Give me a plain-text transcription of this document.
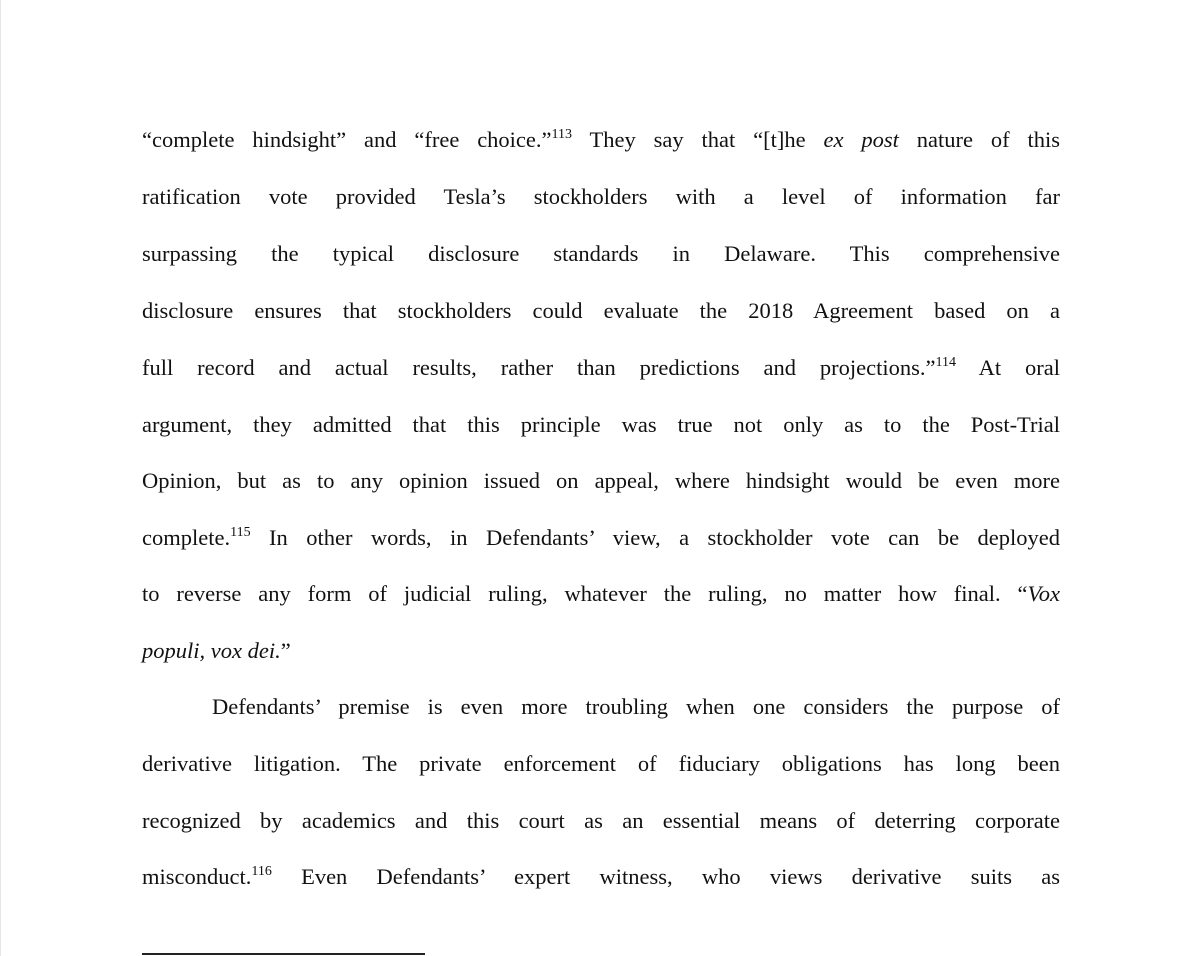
“complete hindsight” and “free choice.”$^{113}$ They say that “[t]he ex post nature of this
ratification vote provided Tesla’s stockholders with a level of information far
surpassing the typical disclosure standards in Delaware. This comprehensive
disclosure ensures that stockholders could evaluate the 2018 Agreement based on a
full record and actual results, rather than predictions and projections.”$^{114}$ At oral
argument, they admitted that this principle was true not only as to the Post-Trial
Opinion, but as to any opinion issued on appeal, where hindsight would be even more
complete.$^{115}$ In other words, in Defendants’ view, a stockholder vote can be deployed
to reverse any form of judicial ruling, whatever the ruling, no matter how final. “Vox
populi, vox dei.”
Defendants’ premise is even more troubling when one considers the purpose of
derivative litigation. The private enforcement of fiduciary obligations has long been
recognized by academics and this court as an essential means of deterring corporate
misconduct.$^{116}$ Even Defendants’ expert witness, who views derivative suits as
